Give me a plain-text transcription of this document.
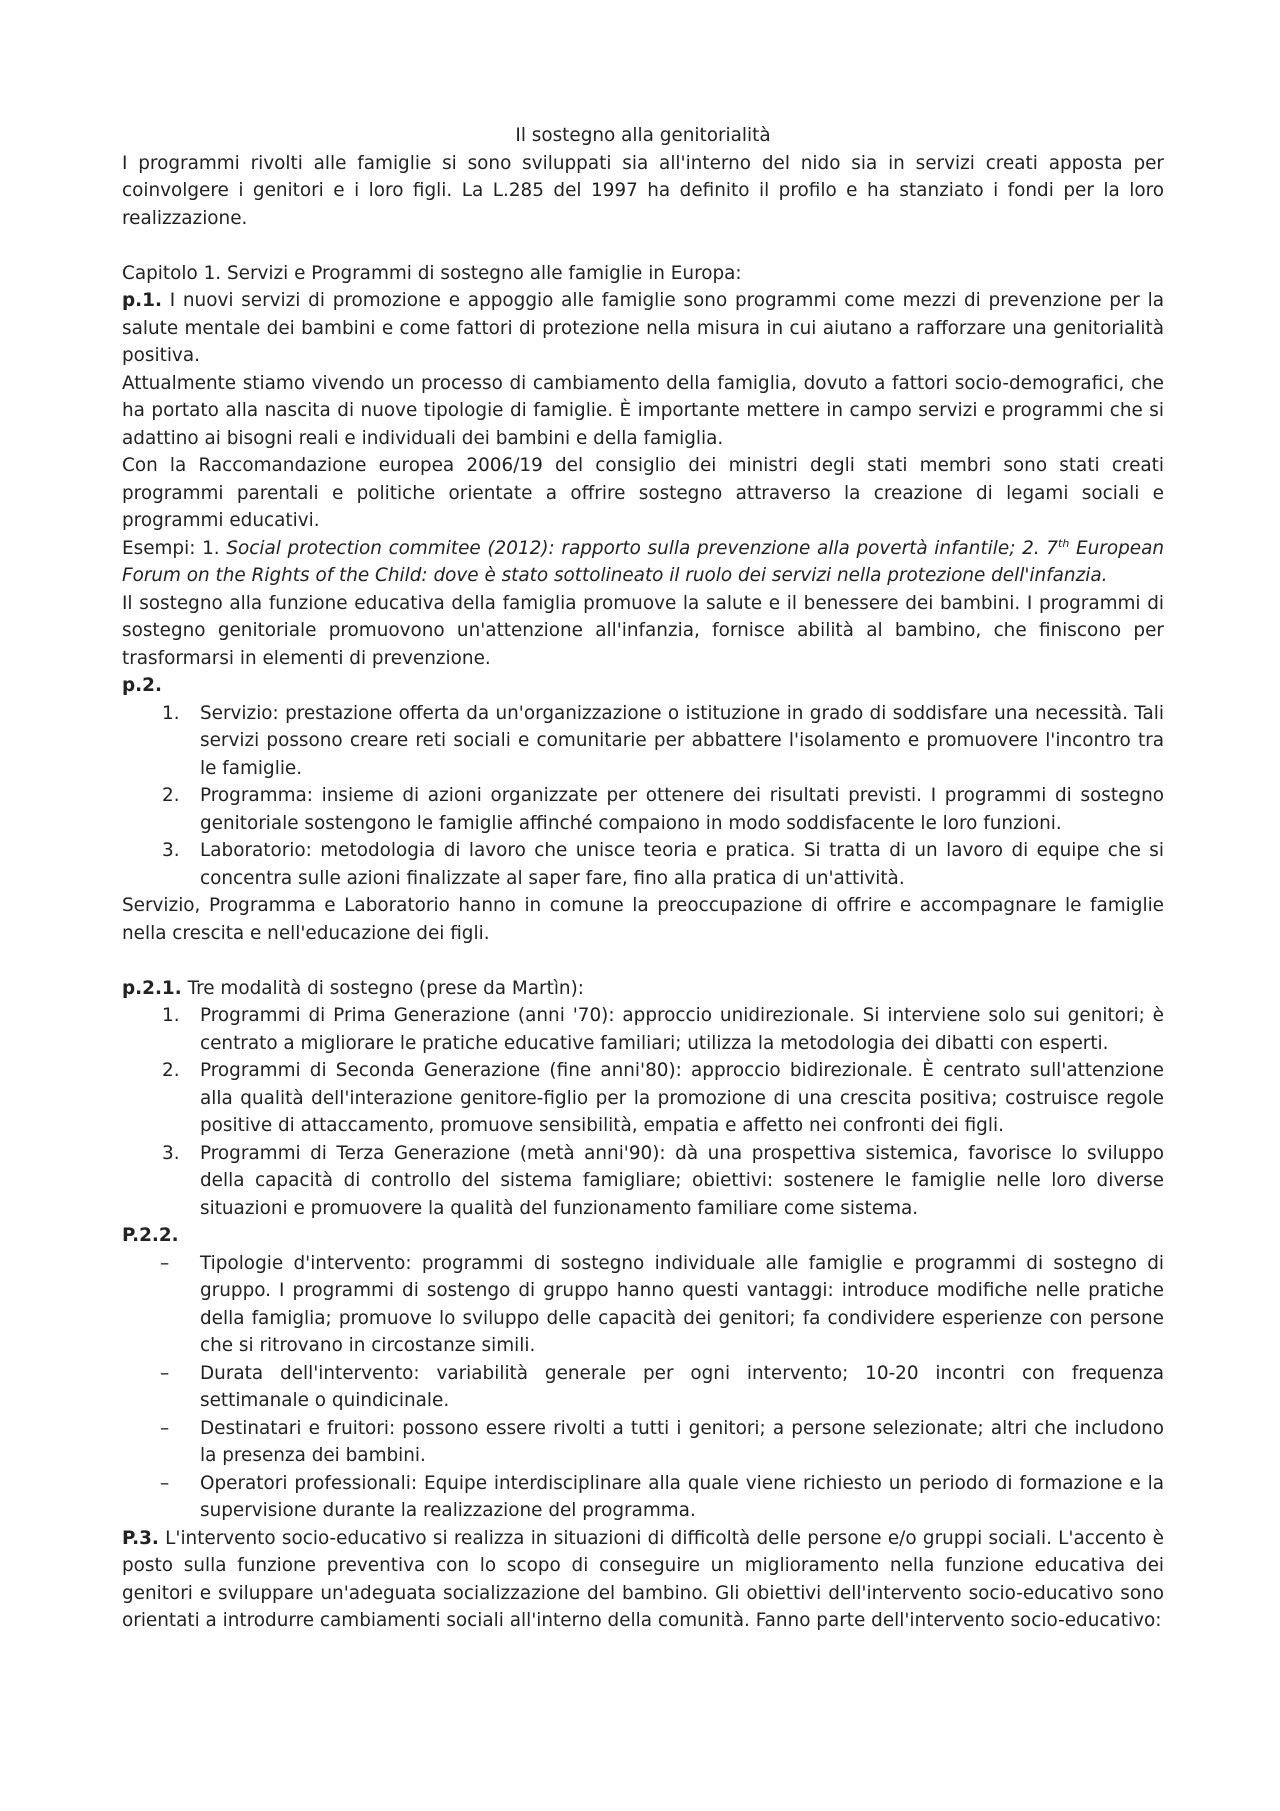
Il sostegno alla genitorialità

I programmi rivolti alle famiglie si sono sviluppati sia all'interno del nido sia in servizi creati apposta per coinvolgere i genitori e i loro figli. La L.285 del 1997 ha definito il profilo e ha stanziato i fondi per la loro realizzazione.

Capitolo 1. Servizi e Programmi di sostegno alle famiglie in Europa:

p.1. I nuovi servizi di promozione e appoggio alle famiglie sono programmi come mezzi di prevenzione per la salute mentale dei bambini e come fattori di protezione nella misura in cui aiutano a rafforzare una genitorialità positiva.

Attualmente stiamo vivendo un processo di cambiamento della famiglia, dovuto a fattori socio-demografici, che ha portato alla nascita di nuove tipologie di famiglie. È importante mettere in campo servizi e programmi che si adattino ai bisogni reali e individuali dei bambini e della famiglia.

Con la Raccomandazione europea 2006/19 del consiglio dei ministri degli stati membri sono stati creati programmi parentali e politiche orientate a offrire sostegno attraverso la creazione di legami sociali e programmi educativi.

Esempi: 1. Social protection commitee (2012): rapporto sulla prevenzione alla povertà infantile; 2. 7th European Forum on the Rights of the Child: dove è stato sottolineato il ruolo dei servizi nella protezione dell'infanzia.

Il sostegno alla funzione educativa della famiglia promuove la salute e il benessere dei bambini. I programmi di sostegno genitoriale promuovono un'attenzione all'infanzia, fornisce abilità al bambino, che finiscono per trasformarsi in elementi di prevenzione.

p.2.

1. Servizio: prestazione offerta da un'organizzazione o istituzione in grado di soddisfare una necessità. Tali servizi possono creare reti sociali e comunitarie per abbattere l'isolamento e promuovere l'incontro tra le famiglie.
2. Programma: insieme di azioni organizzate per ottenere dei risultati previsti. I programmi di sostegno genitoriale sostengono le famiglie affinché compaiono in modo soddisfacente le loro funzioni.
3. Laboratorio: metodologia di lavoro che unisce teoria e pratica. Si tratta di un lavoro di equipe che si concentra sulle azioni finalizzate al saper fare, fino alla pratica di un'attività.

Servizio, Programma e Laboratorio hanno in comune la preoccupazione di offrire e accompagnare le famiglie nella crescita e nell'educazione dei figli.

p.2.1. Tre modalità di sostegno (prese da Martìn):

1. Programmi di Prima Generazione (anni '70): approccio unidirezionale. Si interviene solo sui genitori; è centrato a migliorare le pratiche educative familiari; utilizza la metodologia dei dibatti con esperti.
2. Programmi di Seconda Generazione (fine anni'80): approccio bidirezionale. È centrato sull'attenzione alla qualità dell'interazione genitore-figlio per la promozione di una crescita positiva; costruisce regole positive di attaccamento, promuove sensibilità, empatia e affetto nei confronti dei figli.
3. Programmi di Terza Generazione (metà anni'90): dà una prospettiva sistemica, favorisce lo sviluppo della capacità di controllo del sistema famigliare; obiettivi: sostenere le famiglie nelle loro diverse situazioni e promuovere la qualità del funzionamento familiare come sistema.

P.2.2.

– Tipologie d'intervento: programmi di sostegno individuale alle famiglie e programmi di sostegno di gruppo. I programmi di sostengo di gruppo hanno questi vantaggi: introduce modifiche nelle pratiche della famiglia; promuove lo sviluppo delle capacità dei genitori; fa condividere esperienze con persone che si ritrovano in circostanze simili.
– Durata dell'intervento: variabilità generale per ogni intervento; 10-20 incontri con frequenza settimanale o quindicinale.
– Destinatari e fruitori: possono essere rivolti a tutti i genitori; a persone selezionate; altri che includono la presenza dei bambini.
– Operatori professionali: Equipe interdisciplinare alla quale viene richiesto un periodo di formazione e la supervisione durante la realizzazione del programma.

P.3. L'intervento socio-educativo si realizza in situazioni di difficoltà delle persone e/o gruppi sociali. L'accento è posto sulla funzione preventiva con lo scopo di conseguire un miglioramento nella funzione educativa dei genitori e sviluppare un'adeguata socializzazione del bambino. Gli obiettivi dell'intervento socio-educativo sono orientati a introdurre cambiamenti sociali all'interno della comunità. Fanno parte dell'intervento socio-educativo:
